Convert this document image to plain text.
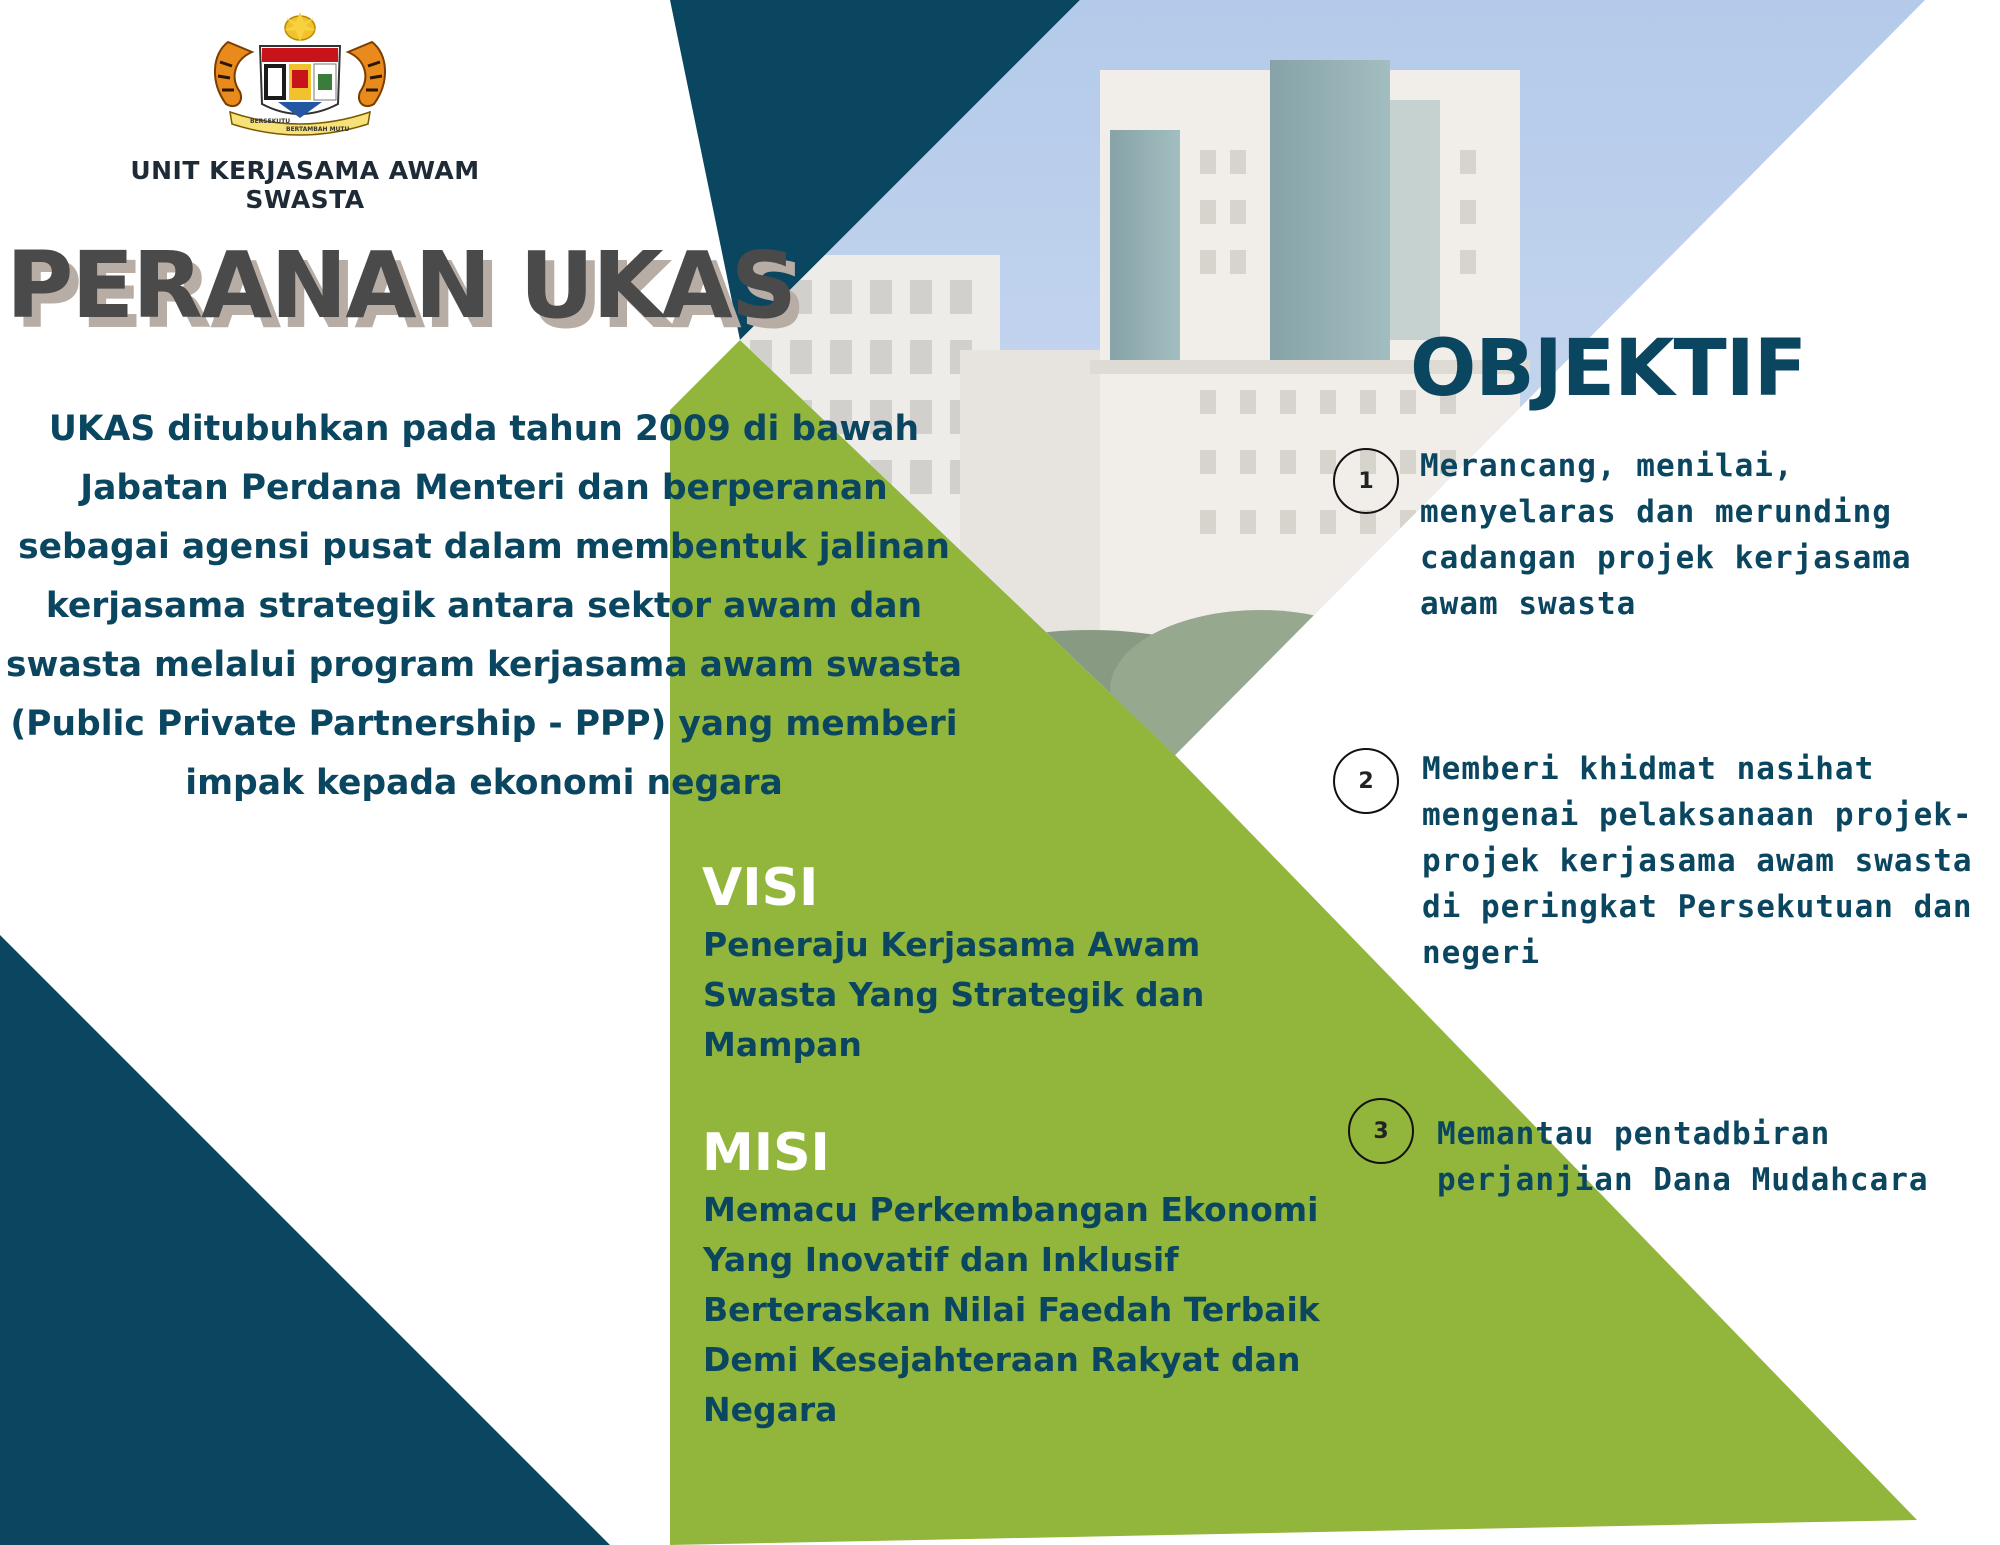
BERSEKUTU
BERTAMBAH MUTU
UNIT KERJASAMA AWAM SWASTA
PERANAN UKAS
UKAS ditubuhkan pada tahun 2009 di bawah Jabatan Perdana Menteri dan berperanan sebagai agensi pusat dalam membentuk jalinan kerjasama strategik antara sektor awam dan swasta melalui program kerjasama awam swasta (Public Private Partnership - PPP) yang memberi impak kepada ekonomi negara
OBJEKTIF
1	Merancang, menilai, menyelaras dan merunding cadangan projek kerjasama awam swasta
2	Memberi khidmat nasihat mengenai pelaksanaan projek-projek kerjasama awam swasta di peringkat Persekutuan dan negeri
3	Memantau pentadbiran perjanjian Dana Mudahcara
VISI
Peneraju Kerjasama Awam Swasta Yang Strategik dan Mampan
MISI
Memacu Perkembangan Ekonomi Yang Inovatif dan Inklusif Berteraskan Nilai Faedah Terbaik Demi Kesejahteraan Rakyat dan Negara
